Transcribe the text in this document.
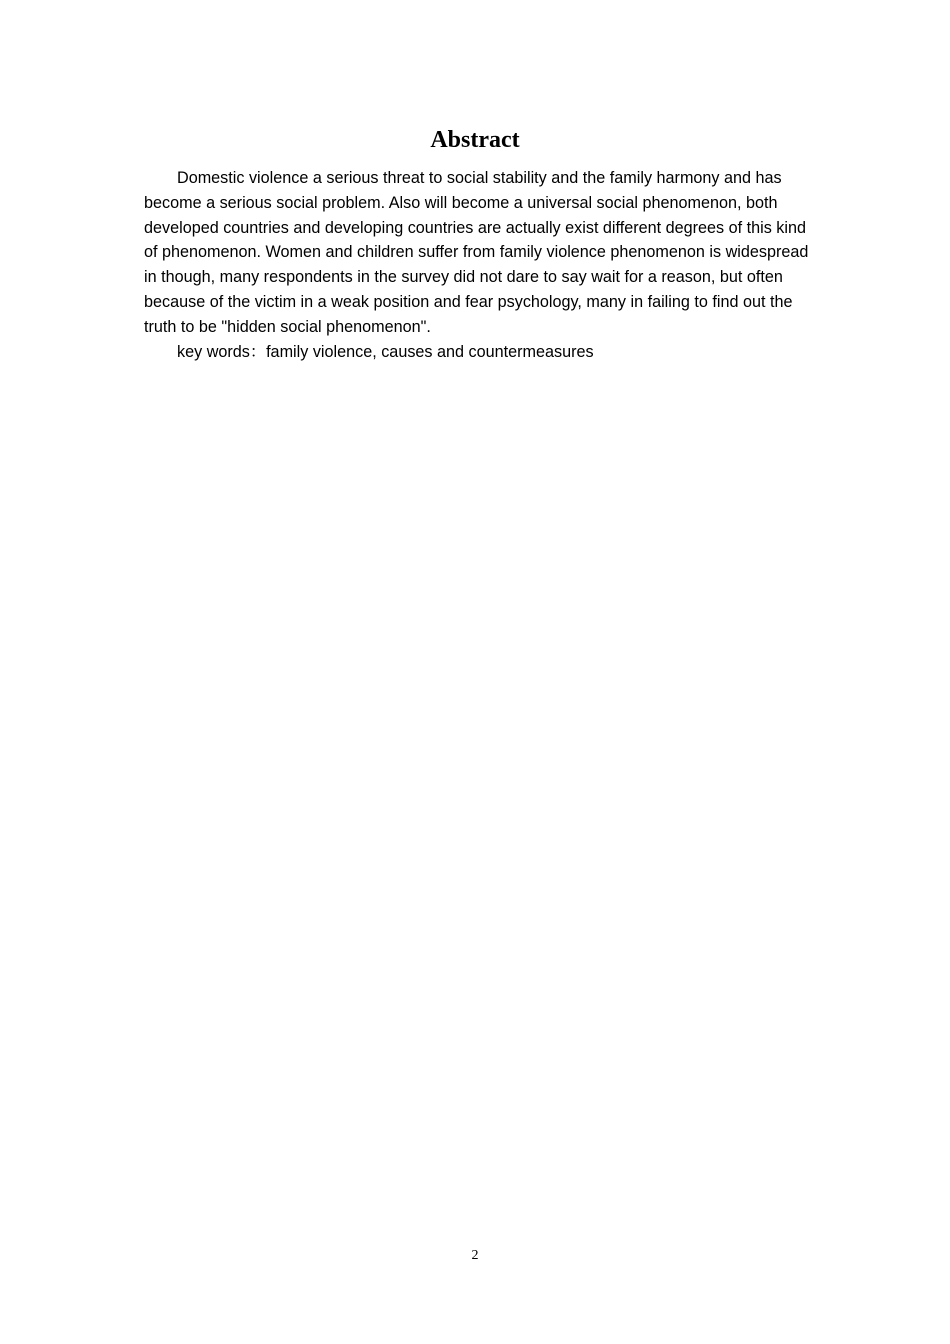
Abstract

Domestic violence a serious threat to social stability and the family harmony and has become a serious social problem. Also will become a universal social phenomenon, both developed countries and developing countries are actually exist different degrees of this kind of phenomenon. Women and children suffer from family violence phenomenon is widespread in though, many respondents in the survey did not dare to say wait for a reason, but often because of the victim in a weak position and fear psychology, many in failing to find out the truth to be "hidden social phenomenon".

key words：family violence, causes and countermeasures
2
